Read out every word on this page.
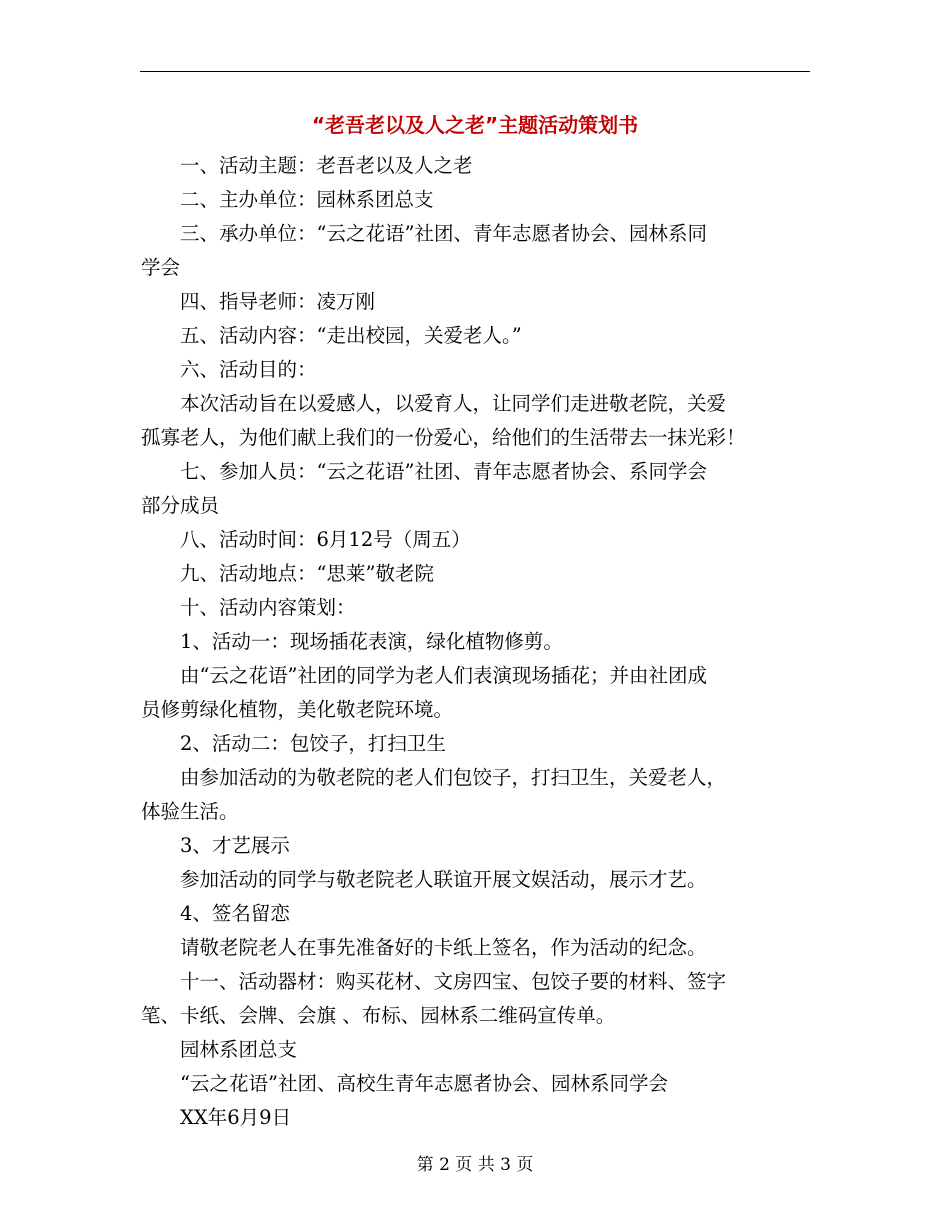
“老吾老以及人之老”主题活动策划书

一、活动主题：老吾老以及人之老

二、主办单位：园林系团总支

三、承办单位：“云之花语”社团、青年志愿者协会、园林系同

学会

四、指导老师：凌万刚

五、活动内容：“走出校园，关爱老人。”

六、活动目的：

本次活动旨在以爱感人，以爱育人，让同学们走进敬老院，关爱

孤寡老人，为他们献上我们的一份爱心，给他们的生活带去一抹光彩！

七、参加人员：“云之花语”社团、青年志愿者协会、系同学会

部分成员

八、活动时间：6月12号（周五）

九、活动地点：“思莱”敬老院

十、活动内容策划：

1、活动一：现场插花表演，绿化植物修剪。

由“云之花语”社团的同学为老人们表演现场插花；并由社团成

员修剪绿化植物，美化敬老院环境。

2、活动二：包饺子，打扫卫生

由参加活动的为敬老院的老人们包饺子，打扫卫生，关爱老人，

体验生活。

3、才艺展示

参加活动的同学与敬老院老人联谊开展文娱活动，展示才艺。

4、签名留恋

请敬老院老人在事先准备好的卡纸上签名，作为活动的纪念。

十一、活动器材：购买花材、文房四宝、包饺子要的材料、签字

笔、卡纸、会牌、会旗 、布标、园林系二维码宣传单。

园林系团总支

“云之花语”社团、高校生青年志愿者协会、园林系同学会

XX年6月9日

第 2 页 共 3 页
